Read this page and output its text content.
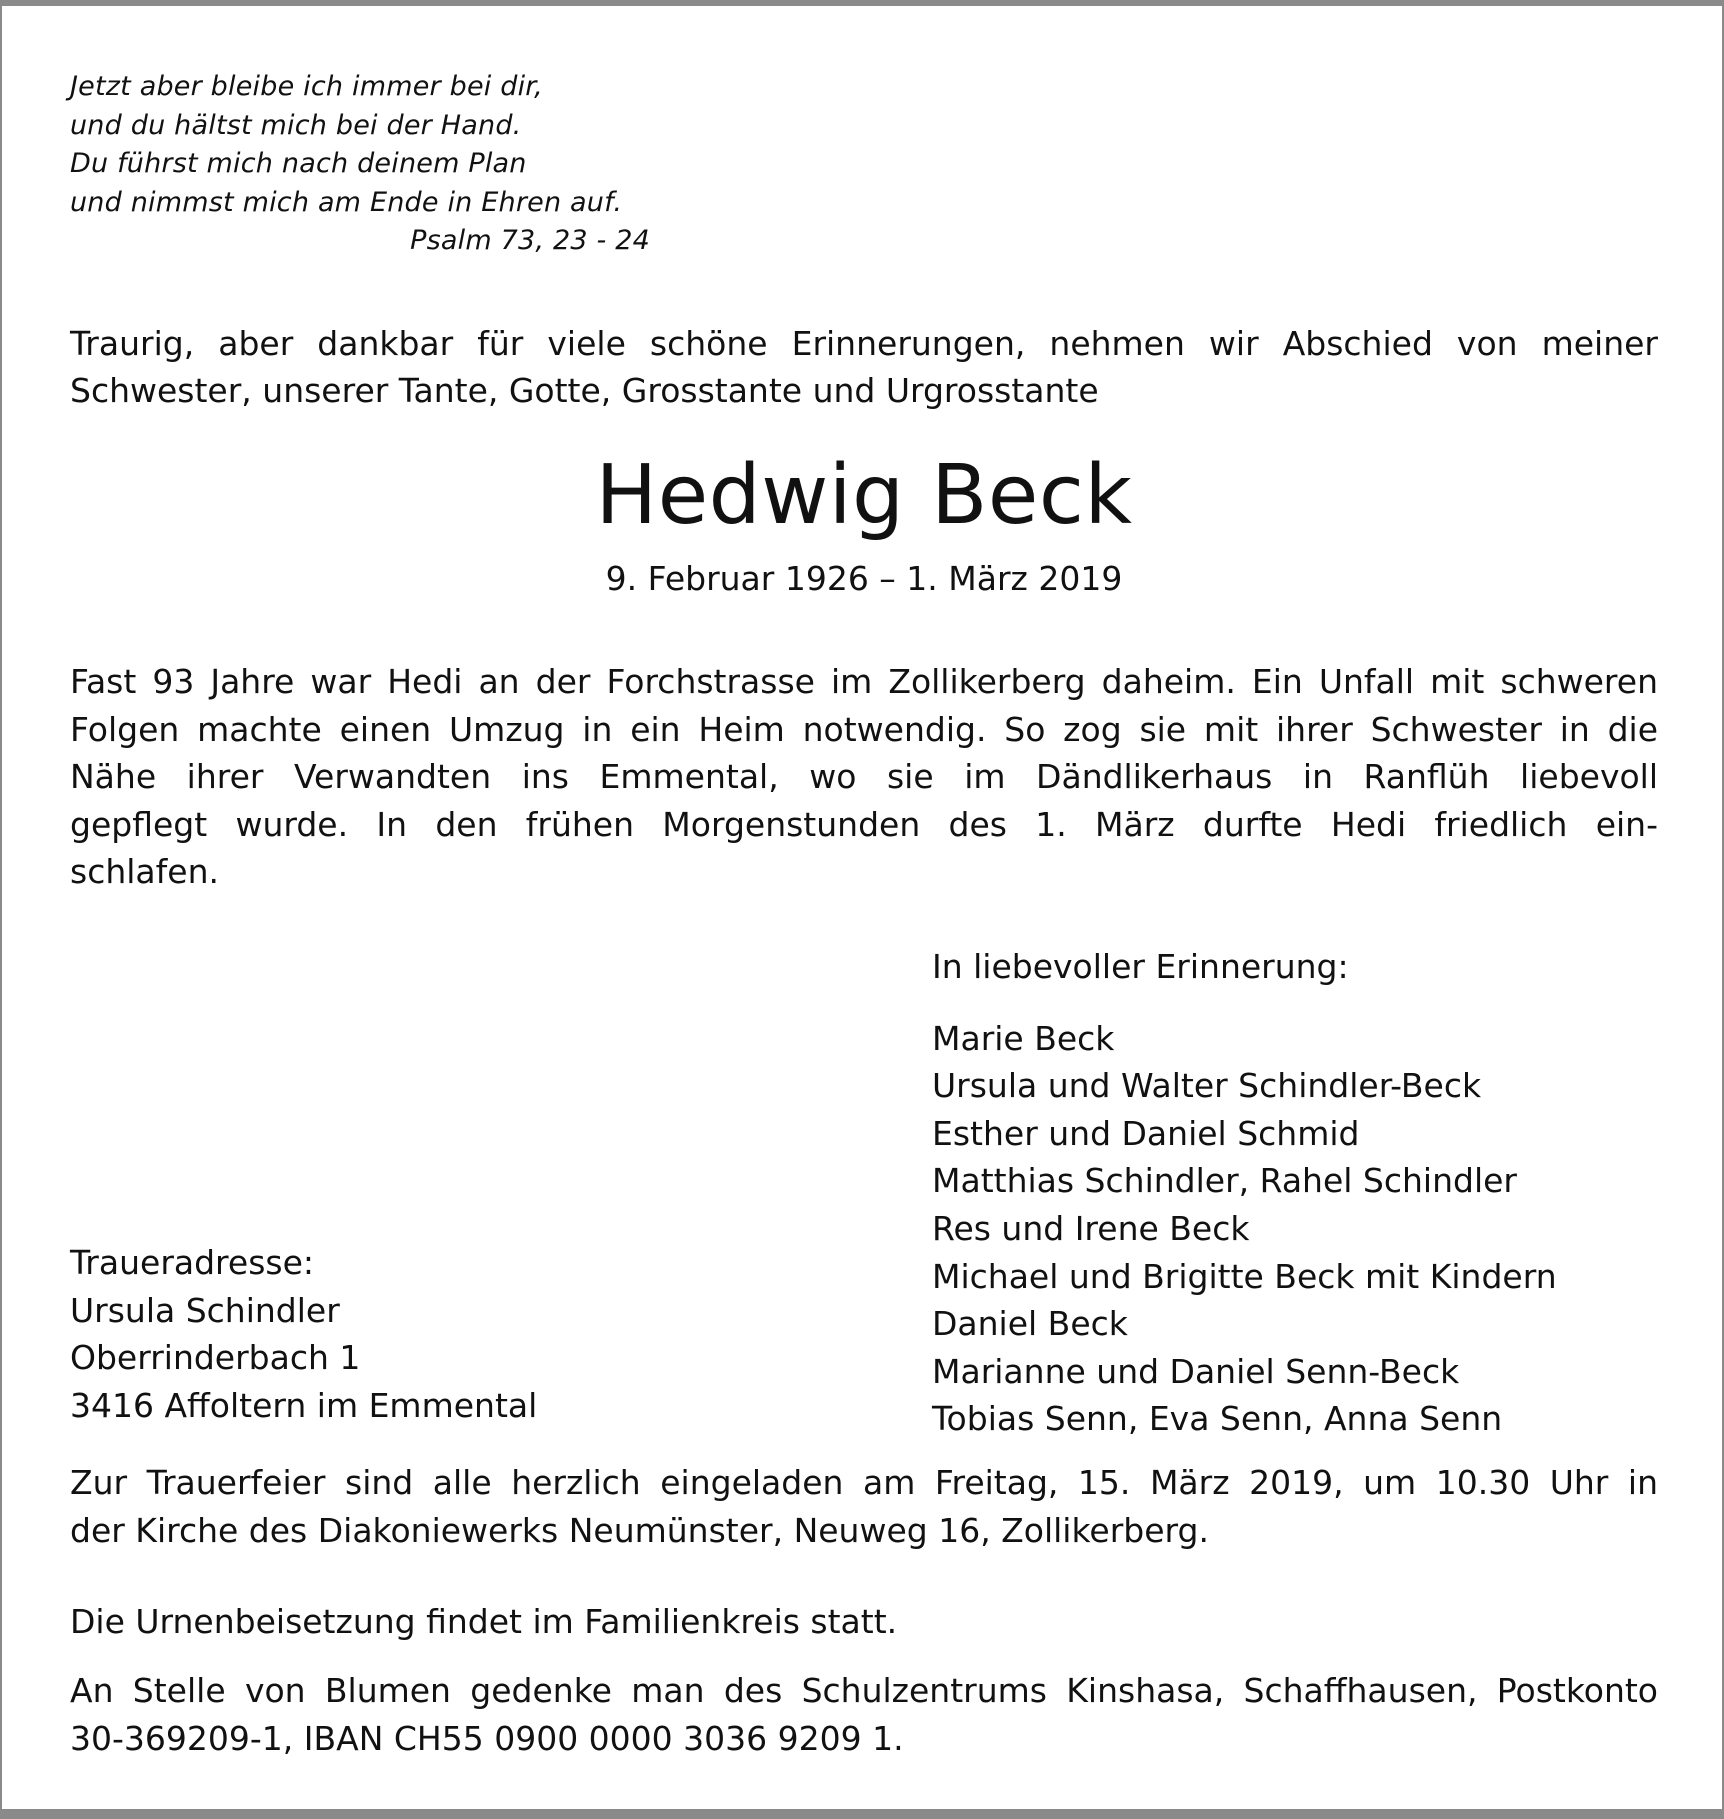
Jetzt aber bleibe ich immer bei dir,
und du hältst mich bei der Hand.
Du führst mich nach deinem Plan
und nimmst mich am Ende in Ehren auf.
Psalm 73, 23 - 24
Traurig, aber dankbar für viele schöne Erinnerungen, nehmen wir Abschied von meiner
Schwester, unserer Tante, Gotte, Grosstante und Urgrosstante
Hedwig Beck
9. Februar 1926 – 1. März 2019
Fast 93 Jahre war Hedi an der Forchstrasse im Zollikerberg daheim. Ein Unfall mit schweren
Folgen machte einen Umzug in ein Heim notwendig. So zog sie mit ihrer Schwester in die
Nähe ihrer Verwandten ins Emmental, wo sie im Dändlikerhaus in Ranflüh liebevoll
gepflegt wurde. In den frühen Morgenstunden des 1. März durfte Hedi friedlich ein-
schlafen.
In liebevoller Erinnerung:
Marie Beck
Ursula und Walter Schindler-Beck
Esther und Daniel Schmid
Matthias Schindler, Rahel Schindler
Res und Irene Beck
Michael und Brigitte Beck mit Kindern
Daniel Beck
Marianne und Daniel Senn-Beck
Tobias Senn, Eva Senn, Anna Senn
Traueradresse:
Ursula Schindler
Oberrinderbach 1
3416 Affoltern im Emmental
Zur Trauerfeier sind alle herzlich eingeladen am Freitag, 15. März 2019, um 10.30 Uhr in
der Kirche des Diakoniewerks Neumünster, Neuweg 16, Zollikerberg.
Die Urnenbeisetzung findet im Familienkreis statt.
An Stelle von Blumen gedenke man des Schulzentrums Kinshasa, Schaffhausen, Postkonto
30-369209-1, IBAN CH55 0900 0000 3036 9209 1.
